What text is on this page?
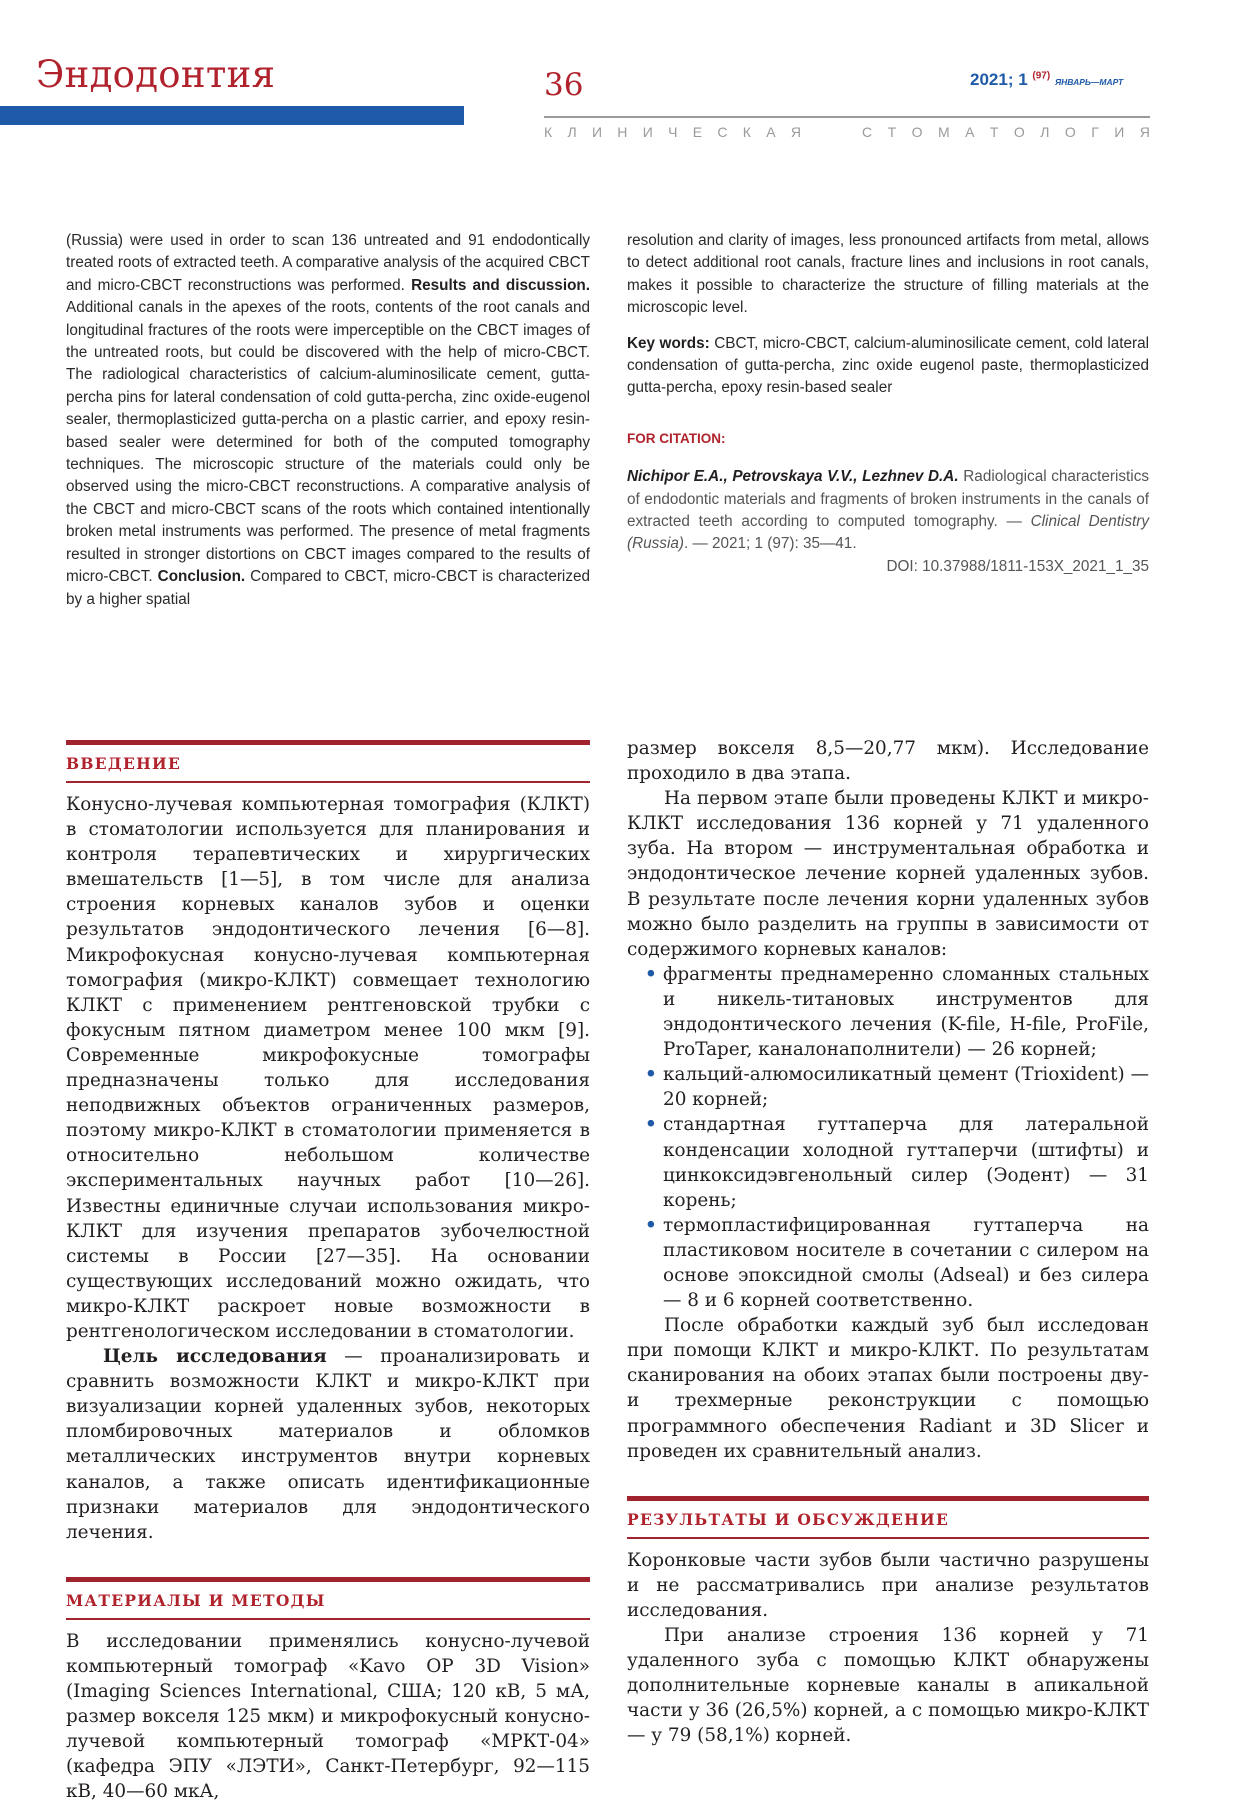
Эндодонтия	36	2021; 1 $^{(97)}$ ЯНВАРЬ—МАРТ
К Л И Н И Ч Е С К А Я	С Т О М А Т О Л О Г И Я
(Russia) were used in order to scan 136 untreated and 91 endodontically treated roots of extracted teeth. A comparative analysis of the acquired CBCT and micro-CBCT reconstructions was performed. Results and discussion. Additional canals in the apexes of the roots, contents of the root canals and longitudinal fractures of the roots were imperceptible on the CBCT images of the untreated roots, but could be discovered with the help of micro-CBCT. The radiological characteristics of calcium-aluminosilicate cement, gutta-percha pins for lateral condensation of cold gutta-percha, zinc oxide-eugenol sealer, thermoplasticized gutta-percha on a plastic carrier, and epoxy resin-based sealer were determined for both of the computed tomography techniques. The microscopic structure of the materials could only be observed using the micro-CBCT reconstructions. A comparative analysis of the CBCT and micro-CBCT scans of the roots which contained intentionally broken metal instruments was performed. The presence of metal fragments resulted in stronger distortions on CBCT images compared to the results of micro-CBCT. Conclusion. Compared to CBCT, micro-CBCT is characterized by a higher spatial
resolution and clarity of images, less pronounced artifacts from metal, allows to detect additional root canals, fracture lines and inclusions in root canals, makes it possible to characterize the structure of filling materials at the microscopic level.
Key words: CBCT, micro-CBCT, calcium-aluminosilicate cement, cold lateral condensation of gutta-percha, zinc oxide eugenol paste, thermoplasticized gutta-percha, epoxy resin-based sealer
FOR CITATION:
Nichipor E.A., Petrovskaya V.V., Lezhnev D.A. Radiological characteristics of endodontic materials and fragments of broken instruments in the canals of extracted teeth according to computed tomography. — Clinical Dentistry (Russia). — 2021; 1 (97): 35—41.
DOI: 10.37988/1811-153X_2021_1_35
ВВЕДЕНИЕ

Конусно-лучевая компьютерная томография (КЛКТ) в стоматологии используется для планирования и контроля терапевтических и хирургических вмешательств [1—5], в том числе для анализа строения корневых каналов зубов и оценки результатов эндодонтического лечения [6—8]. Микрофокусная конусно-лучевая компьютерная томография (микро-КЛКТ) совмещает технологию КЛКТ с применением рентгеновской трубки с фокусным пятном диаметром менее 100 мкм [9]. Современные микрофокусные томографы предназначены только для исследования неподвижных объектов ограниченных размеров, поэтому микро-КЛКТ в стоматологии применяется в относительно небольшом количестве экспериментальных научных работ [10—26]. Известны единичные случаи использования микро-КЛКТ для изучения препаратов зубочелюстной системы в России [27—35]. На основании существующих исследований можно ожидать, что микро-КЛКТ раскроет новые возможности в рентгенологическом исследовании в стоматологии.

Цель исследования — проанализировать и сравнить возможности КЛКТ и микро-КЛКТ при визуализации корней удаленных зубов, некоторых пломбировочных материалов и обломков металлических инструментов внутри корневых каналов, а также описать идентификационные признаки материалов для эндодонтического лечения.

МАТЕРИАЛЫ И МЕТОДЫ

В исследовании применялись конусно-лучевой компьютерный томограф «Kavo OP 3D Vision» (Imaging Sciences International, США; 120 кВ, 5 мА, размер вокселя 125 мкм) и микрофокусный конусно-лучевой компьютерный томограф «МРКТ-04» (кафедра ЭПУ «ЛЭТИ», Санкт-Петербург, 92—115 кВ, 40—60 мкА,

размер вокселя 8,5—20,77 мкм). Исследование проходило в два этапа.

На первом этапе были проведены КЛКТ и микро-КЛКТ исследования 136 корней у 71 удаленного зуба. На втором — инструментальная обработка и эндодонтическое лечение корней удаленных зубов. В результате после лечения корни удаленных зубов можно было разделить на группы в зависимости от содержимого корневых каналов:

• фрагменты преднамеренно сломанных стальных и никель-титановых инструментов для эндодонтического лечения (K-file, H-file, ProFile, ProTaper, каналонаполнители) — 26 корней;

• кальций-алюмосиликатный цемент (Trioxident) — 20 корней;

• стандартная гуттаперча для латеральной конденсации холодной гуттаперчи (штифты) и цинкоксидэвгенольный силер (Эодент) — 31 корень;

• термопластифицированная гуттаперча на пластиковом носителе в сочетании с силером на основе эпоксидной смолы (Adseal) и без силера — 8 и 6 корней соответственно.

После обработки каждый зуб был исследован при помощи КЛКТ и микро-КЛКТ. По результатам сканирования на обоих этапах были построены дву- и трехмерные реконструкции с помощью программного обеспечения Radiant и 3D Slicer и проведен их сравнительный анализ.

РЕЗУЛЬТАТЫ И ОБСУЖДЕНИЕ

Коронковые части зубов были частично разрушены и не рассматривались при анализе результатов исследования.

При анализе строения 136 корней у 71 удаленного зуба с помощью КЛКТ обнаружены дополнительные корневые каналы в апикальной части у 36 (26,5%) корней, а с помощью микро-КЛКТ — у 79 (58,1%) корней.
